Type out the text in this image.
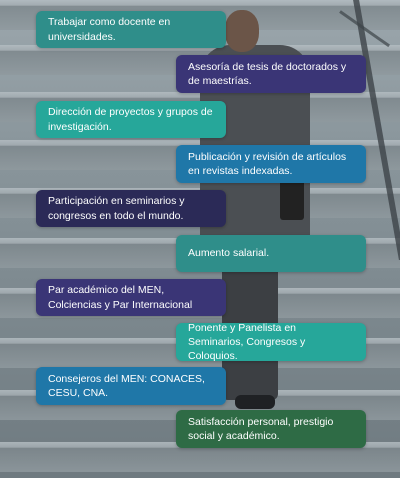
Trabajar como docente en universidades.
Asesoría de tesis de doctorados y de maestrías.
Dirección de proyectos y grupos de investigación.
Publicación y revisión de artículos en revistas indexadas.
Participación en seminarios y congresos en todo el mundo.
Aumento salarial.
Par académico del MEN, Colciencias y Par Internacional
Ponente y Panelista en Seminarios, Congresos y Coloquios.
Consejeros del MEN: CONACES, CESU, CNA.
Satisfacción personal, prestigio social y académico.
